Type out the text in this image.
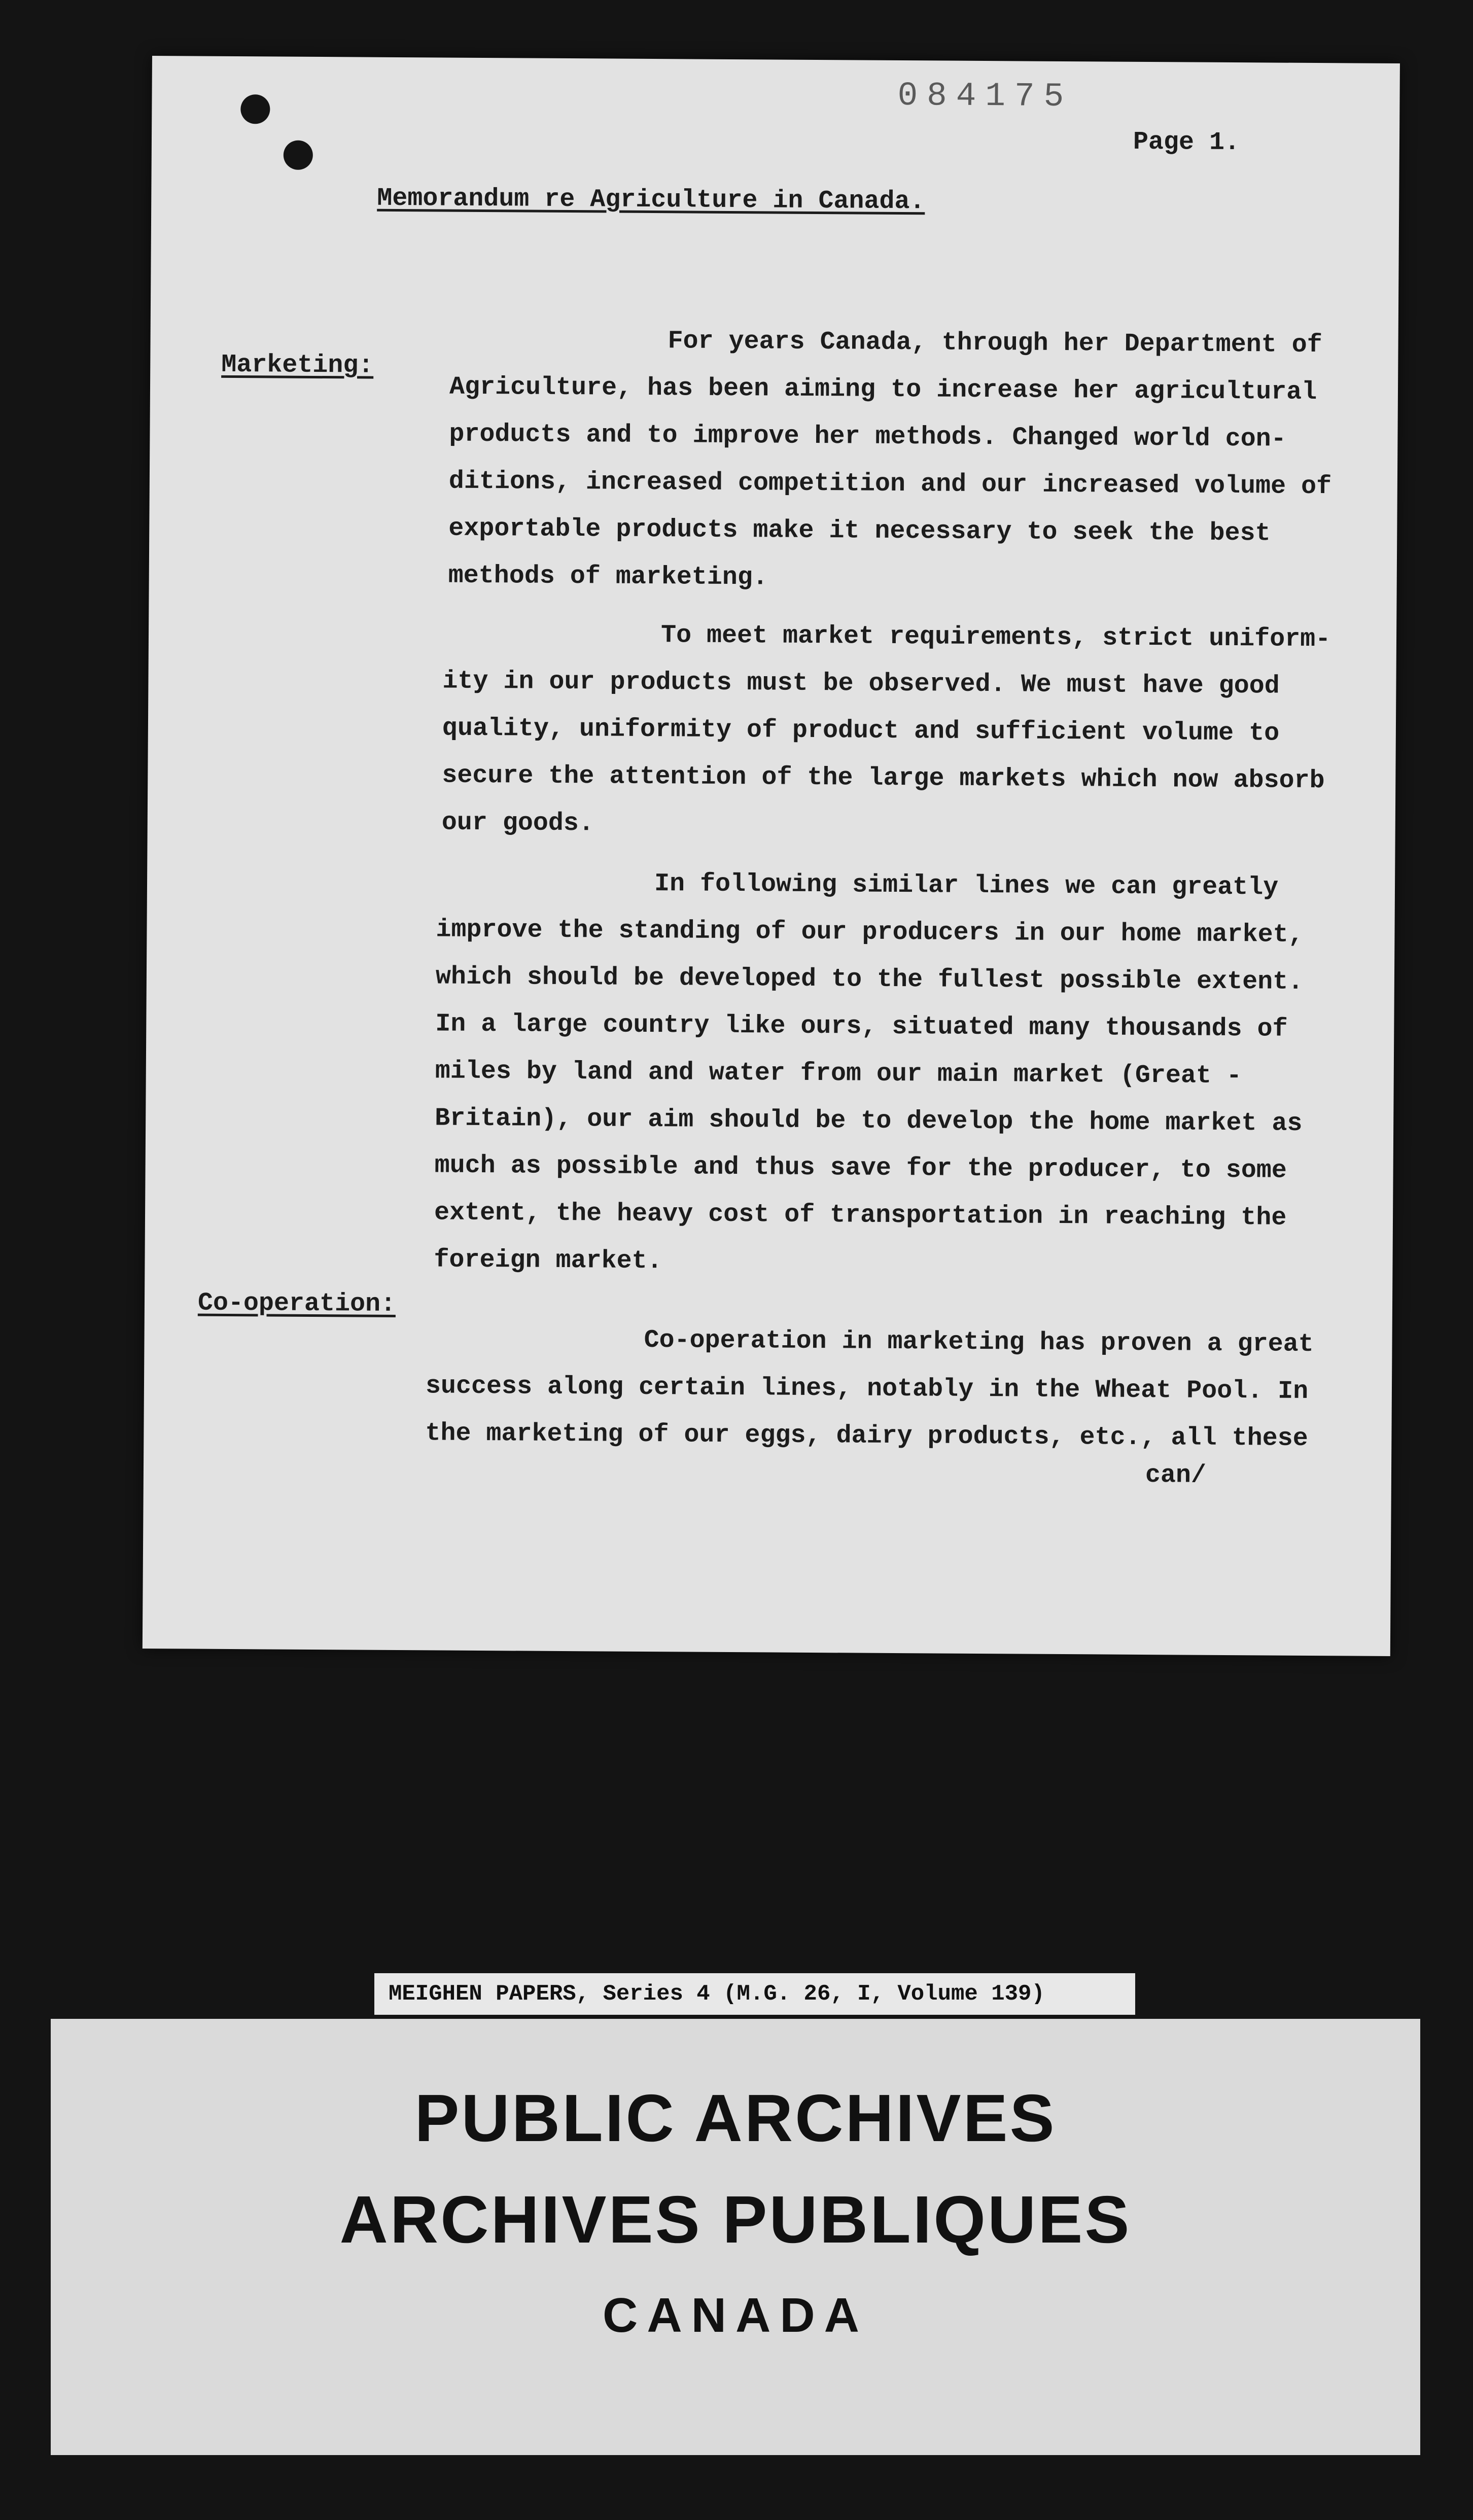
084175
Page 1.
Memorandum re Agriculture in Canada.
Marketing:

For years Canada, through her Department of

Agriculture, has been aiming to increase her agricultural

products and to improve her methods. Changed world con-

ditions, increased competition and our increased volume of

exportable products make it necessary to seek the best

methods of marketing.

To meet market requirements, strict uniform-

ity in our products must be observed. We must have good

quality, uniformity of product and sufficient volume to

secure the attention of the large markets which now absorb

our goods.

In following similar lines we can greatly

improve the standing of our producers in our home market,

which should be developed to the fullest possible extent.

In a large country like ours, situated many thousands of

miles by land and water from our main market (Great -

Britain), our aim should be to develop the home market as

much as possible and thus save for the producer, to some

extent, the heavy cost of transportation in reaching the

foreign market.

Co-operation:

Co-operation in marketing has proven a great

success along certain lines, notably in the Wheat Pool. In

the marketing of our eggs, dairy products, etc., all these

can/
MEIGHEN PAPERS, Series 4 (M.G. 26, I, Volume 139)
PUBLIC ARCHIVES
ARCHIVES PUBLIQUES
CANADA
